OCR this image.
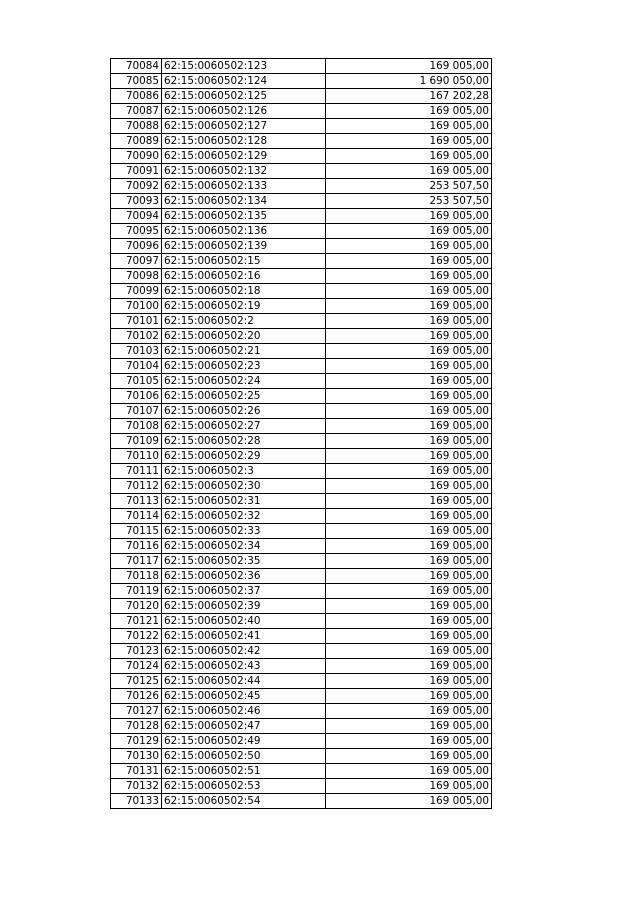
70084	62:15:0060502:123	169 005,00
70085	62:15:0060502:124	1 690 050,00
70086	62:15:0060502:125	167 202,28
70087	62:15:0060502:126	169 005,00
70088	62:15:0060502:127	169 005,00
70089	62:15:0060502:128	169 005,00
70090	62:15:0060502:129	169 005,00
70091	62:15:0060502:132	169 005,00
70092	62:15:0060502:133	253 507,50
70093	62:15:0060502:134	253 507,50
70094	62:15:0060502:135	169 005,00
70095	62:15:0060502:136	169 005,00
70096	62:15:0060502:139	169 005,00
70097	62:15:0060502:15	169 005,00
70098	62:15:0060502:16	169 005,00
70099	62:15:0060502:18	169 005,00
70100	62:15:0060502:19	169 005,00
70101	62:15:0060502:2	169 005,00
70102	62:15:0060502:20	169 005,00
70103	62:15:0060502:21	169 005,00
70104	62:15:0060502:23	169 005,00
70105	62:15:0060502:24	169 005,00
70106	62:15:0060502:25	169 005,00
70107	62:15:0060502:26	169 005,00
70108	62:15:0060502:27	169 005,00
70109	62:15:0060502:28	169 005,00
70110	62:15:0060502:29	169 005,00
70111	62:15:0060502:3	169 005,00
70112	62:15:0060502:30	169 005,00
70113	62:15:0060502:31	169 005,00
70114	62:15:0060502:32	169 005,00
70115	62:15:0060502:33	169 005,00
70116	62:15:0060502:34	169 005,00
70117	62:15:0060502:35	169 005,00
70118	62:15:0060502:36	169 005,00
70119	62:15:0060502:37	169 005,00
70120	62:15:0060502:39	169 005,00
70121	62:15:0060502:40	169 005,00
70122	62:15:0060502:41	169 005,00
70123	62:15:0060502:42	169 005,00
70124	62:15:0060502:43	169 005,00
70125	62:15:0060502:44	169 005,00
70126	62:15:0060502:45	169 005,00
70127	62:15:0060502:46	169 005,00
70128	62:15:0060502:47	169 005,00
70129	62:15:0060502:49	169 005,00
70130	62:15:0060502:50	169 005,00
70131	62:15:0060502:51	169 005,00
70132	62:15:0060502:53	169 005,00
70133	62:15:0060502:54	169 005,00
